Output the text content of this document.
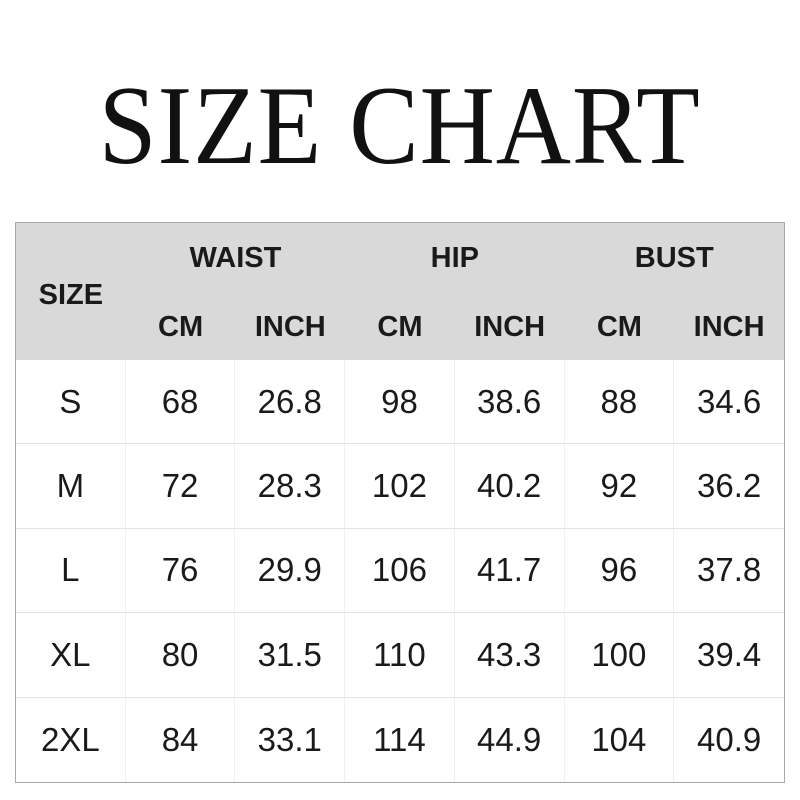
SIZE CHART
SIZE	WAIST		HIP		BUST	
	CM	INCH	CM	INCH	CM	INCH
S	68	26.8	98	38.6	88	34.6
M	72	28.3	102	40.2	92	36.2
L	76	29.9	106	41.7	96	37.8
XL	80	31.5	110	43.3	100	39.4
2XL	84	33.1	114	44.9	104	40.9
